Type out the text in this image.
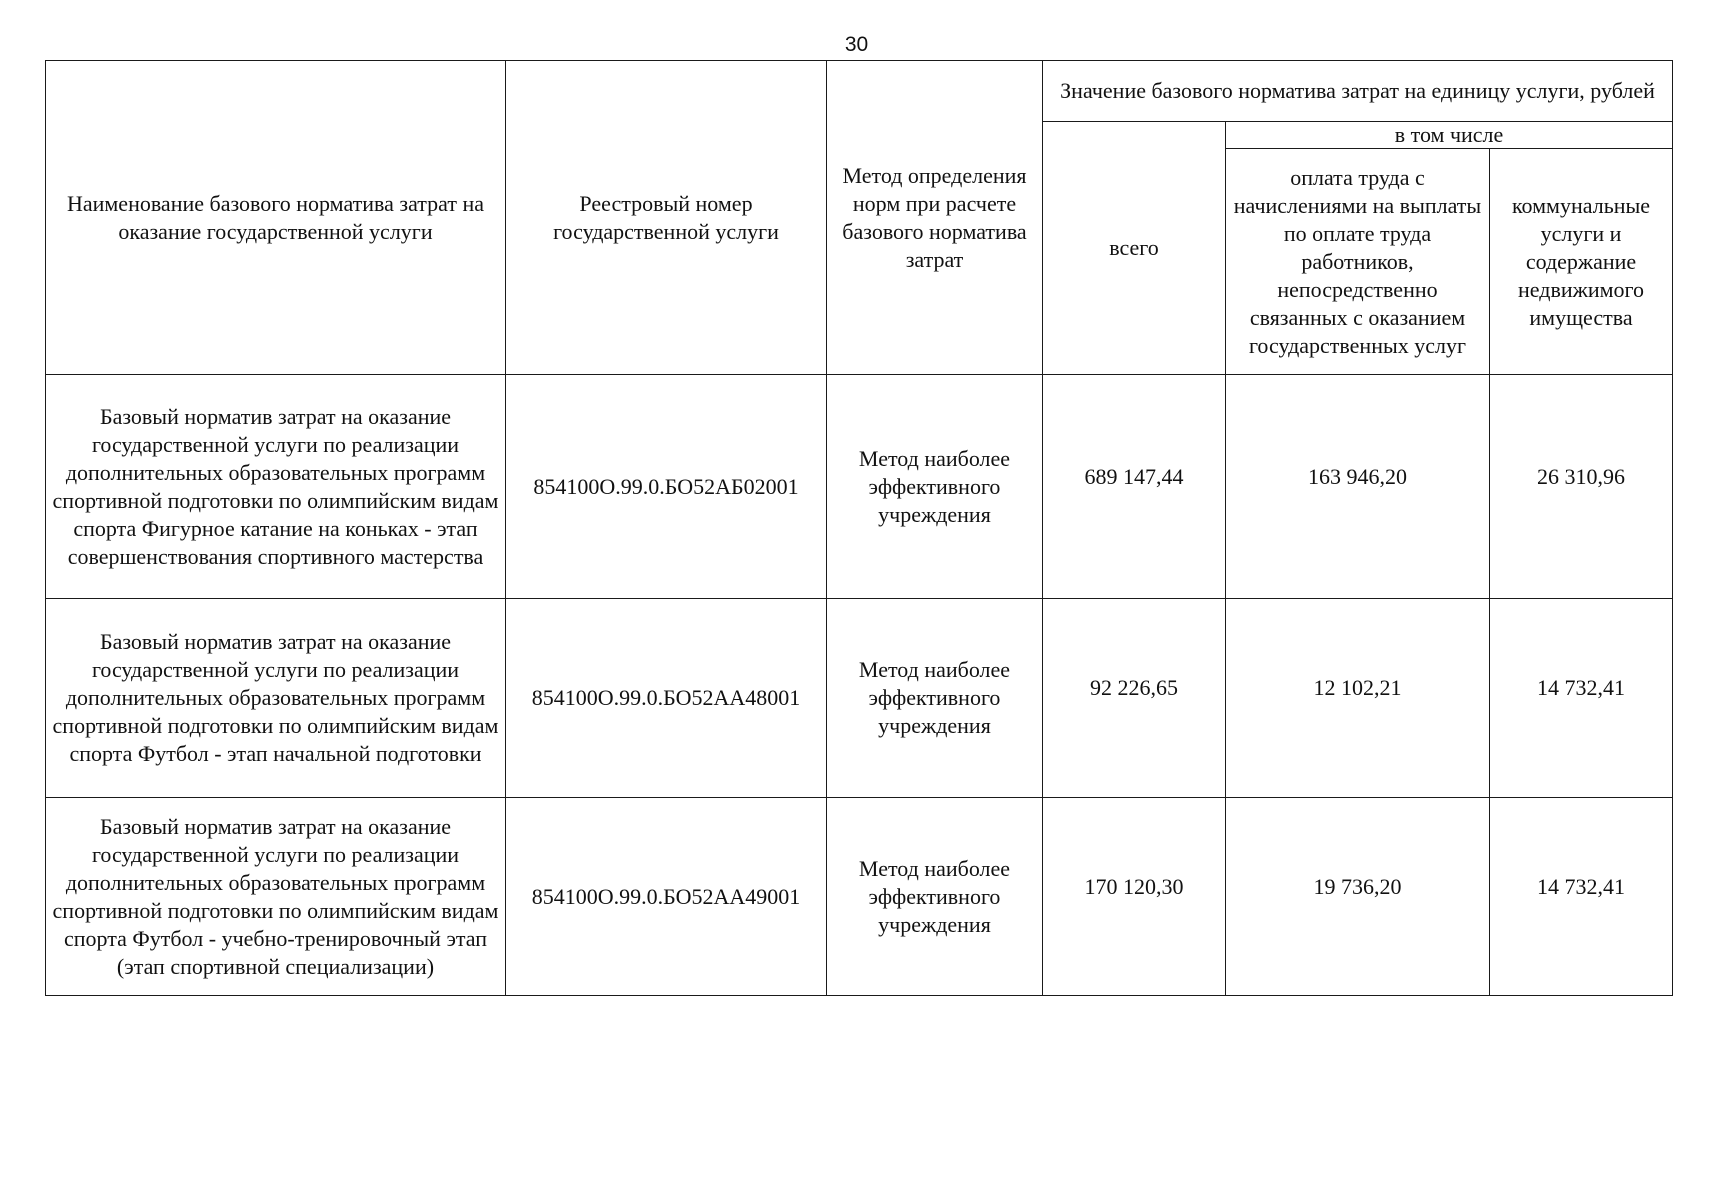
30
Наименование базового норматива затрат на оказание государственной услуги	Реестровый номер государственной услуги	Метод определения норм при расчете базового норматива затрат	Значение базового норматива затрат на единицу услуги, рублей		
			всего	в том числе	
				оплата труда с начислениями на выплаты по оплате труда работников, непосредственно связанных с оказанием государственных услуг	коммунальные услуги и содержание недвижимого имущества
Базовый норматив затрат на оказание государственной услуги по реализации дополнительных образовательных программ спортивной подготовки по олимпийским видам спорта Фигурное катание на коньках - этап совершенствования спортивного мастерства	854100О.99.0.БО52АБ02001	Метод наиболее эффективного учреждения	689 147,44	163 946,20	26 310,96
Базовый норматив затрат на оказание государственной услуги по реализации дополнительных образовательных программ спортивной подготовки по олимпийским видам спорта Футбол - этап начальной подготовки	854100О.99.0.БО52АА48001	Метод наиболее эффективного учреждения	92 226,65	12 102,21	14 732,41
Базовый норматив затрат на оказание государственной услуги по реализации дополнительных образовательных программ спортивной подготовки по олимпийским видам спорта Футбол - учебно-тренировочный этап (этап спортивной специализации)	854100О.99.0.БО52АА49001	Метод наиболее эффективного учреждения	170 120,30	19 736,20	14 732,41
